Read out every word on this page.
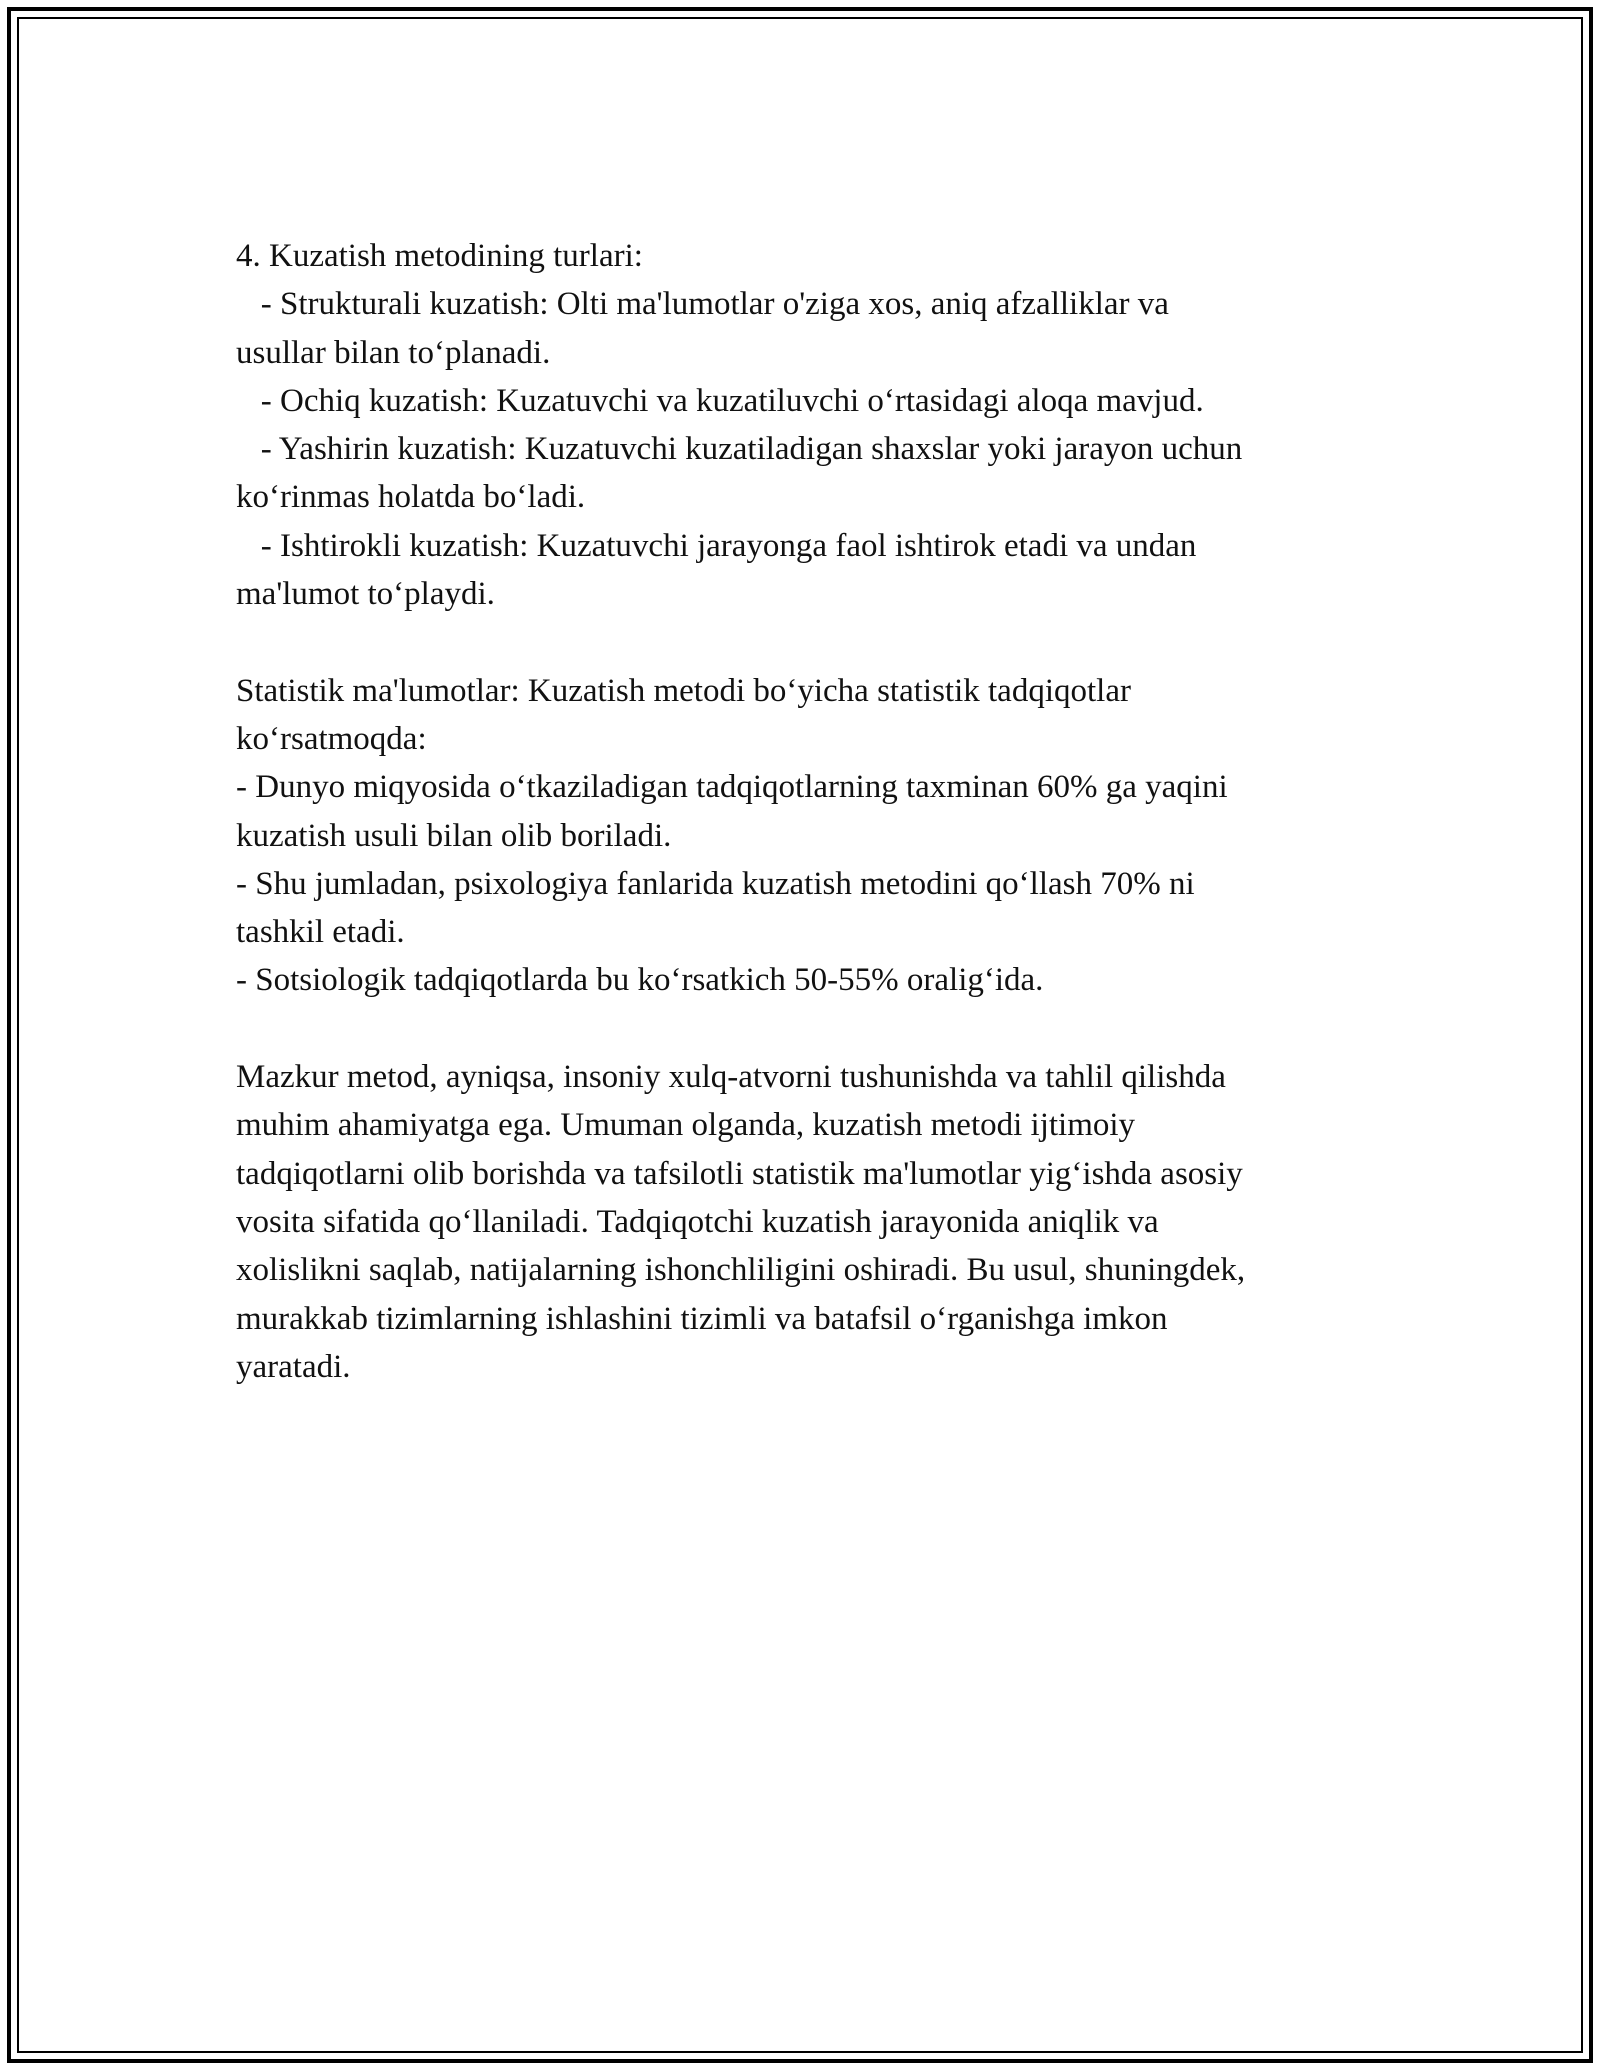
4. Kuzatish metodining turlari:
- Strukturali kuzatish: Olti ma'lumotlar o'ziga xos, aniq afzalliklar va
usullar bilan to‘planadi.
- Ochiq kuzatish: Kuzatuvchi va kuzatiluvchi o‘rtasidagi aloqa mavjud.
- Yashirin kuzatish: Kuzatuvchi kuzatiladigan shaxslar yoki jarayon uchun
ko‘rinmas holatda bo‘ladi.
- Ishtirokli kuzatish: Kuzatuvchi jarayonga faol ishtirok etadi va undan
ma'lumot to‘playdi.
Statistik ma'lumotlar: Kuzatish metodi bo‘yicha statistik tadqiqotlar
ko‘rsatmoqda:
- Dunyo miqyosida o‘tkaziladigan tadqiqotlarning taxminan 60% ga yaqini
kuzatish usuli bilan olib boriladi.
- Shu jumladan, psixologiya fanlarida kuzatish metodini qo‘llash 70% ni
tashkil etadi.
- Sotsiologik tadqiqotlarda bu ko‘rsatkich 50-55% oralig‘ida.
Mazkur metod, ayniqsa, insoniy xulq-atvorni tushunishda va tahlil qilishda
muhim ahamiyatga ega. Umuman olganda, kuzatish metodi ijtimoiy
tadqiqotlarni olib borishda va tafsilotli statistik ma'lumotlar yig‘ishda asosiy
vosita sifatida qo‘llaniladi. Tadqiqotchi kuzatish jarayonida aniqlik va
xolislikni saqlab, natijalarning ishonchliligini oshiradi. Bu usul, shuningdek,
murakkab tizimlarning ishlashini tizimli va batafsil o‘rganishga imkon
yaratadi.
